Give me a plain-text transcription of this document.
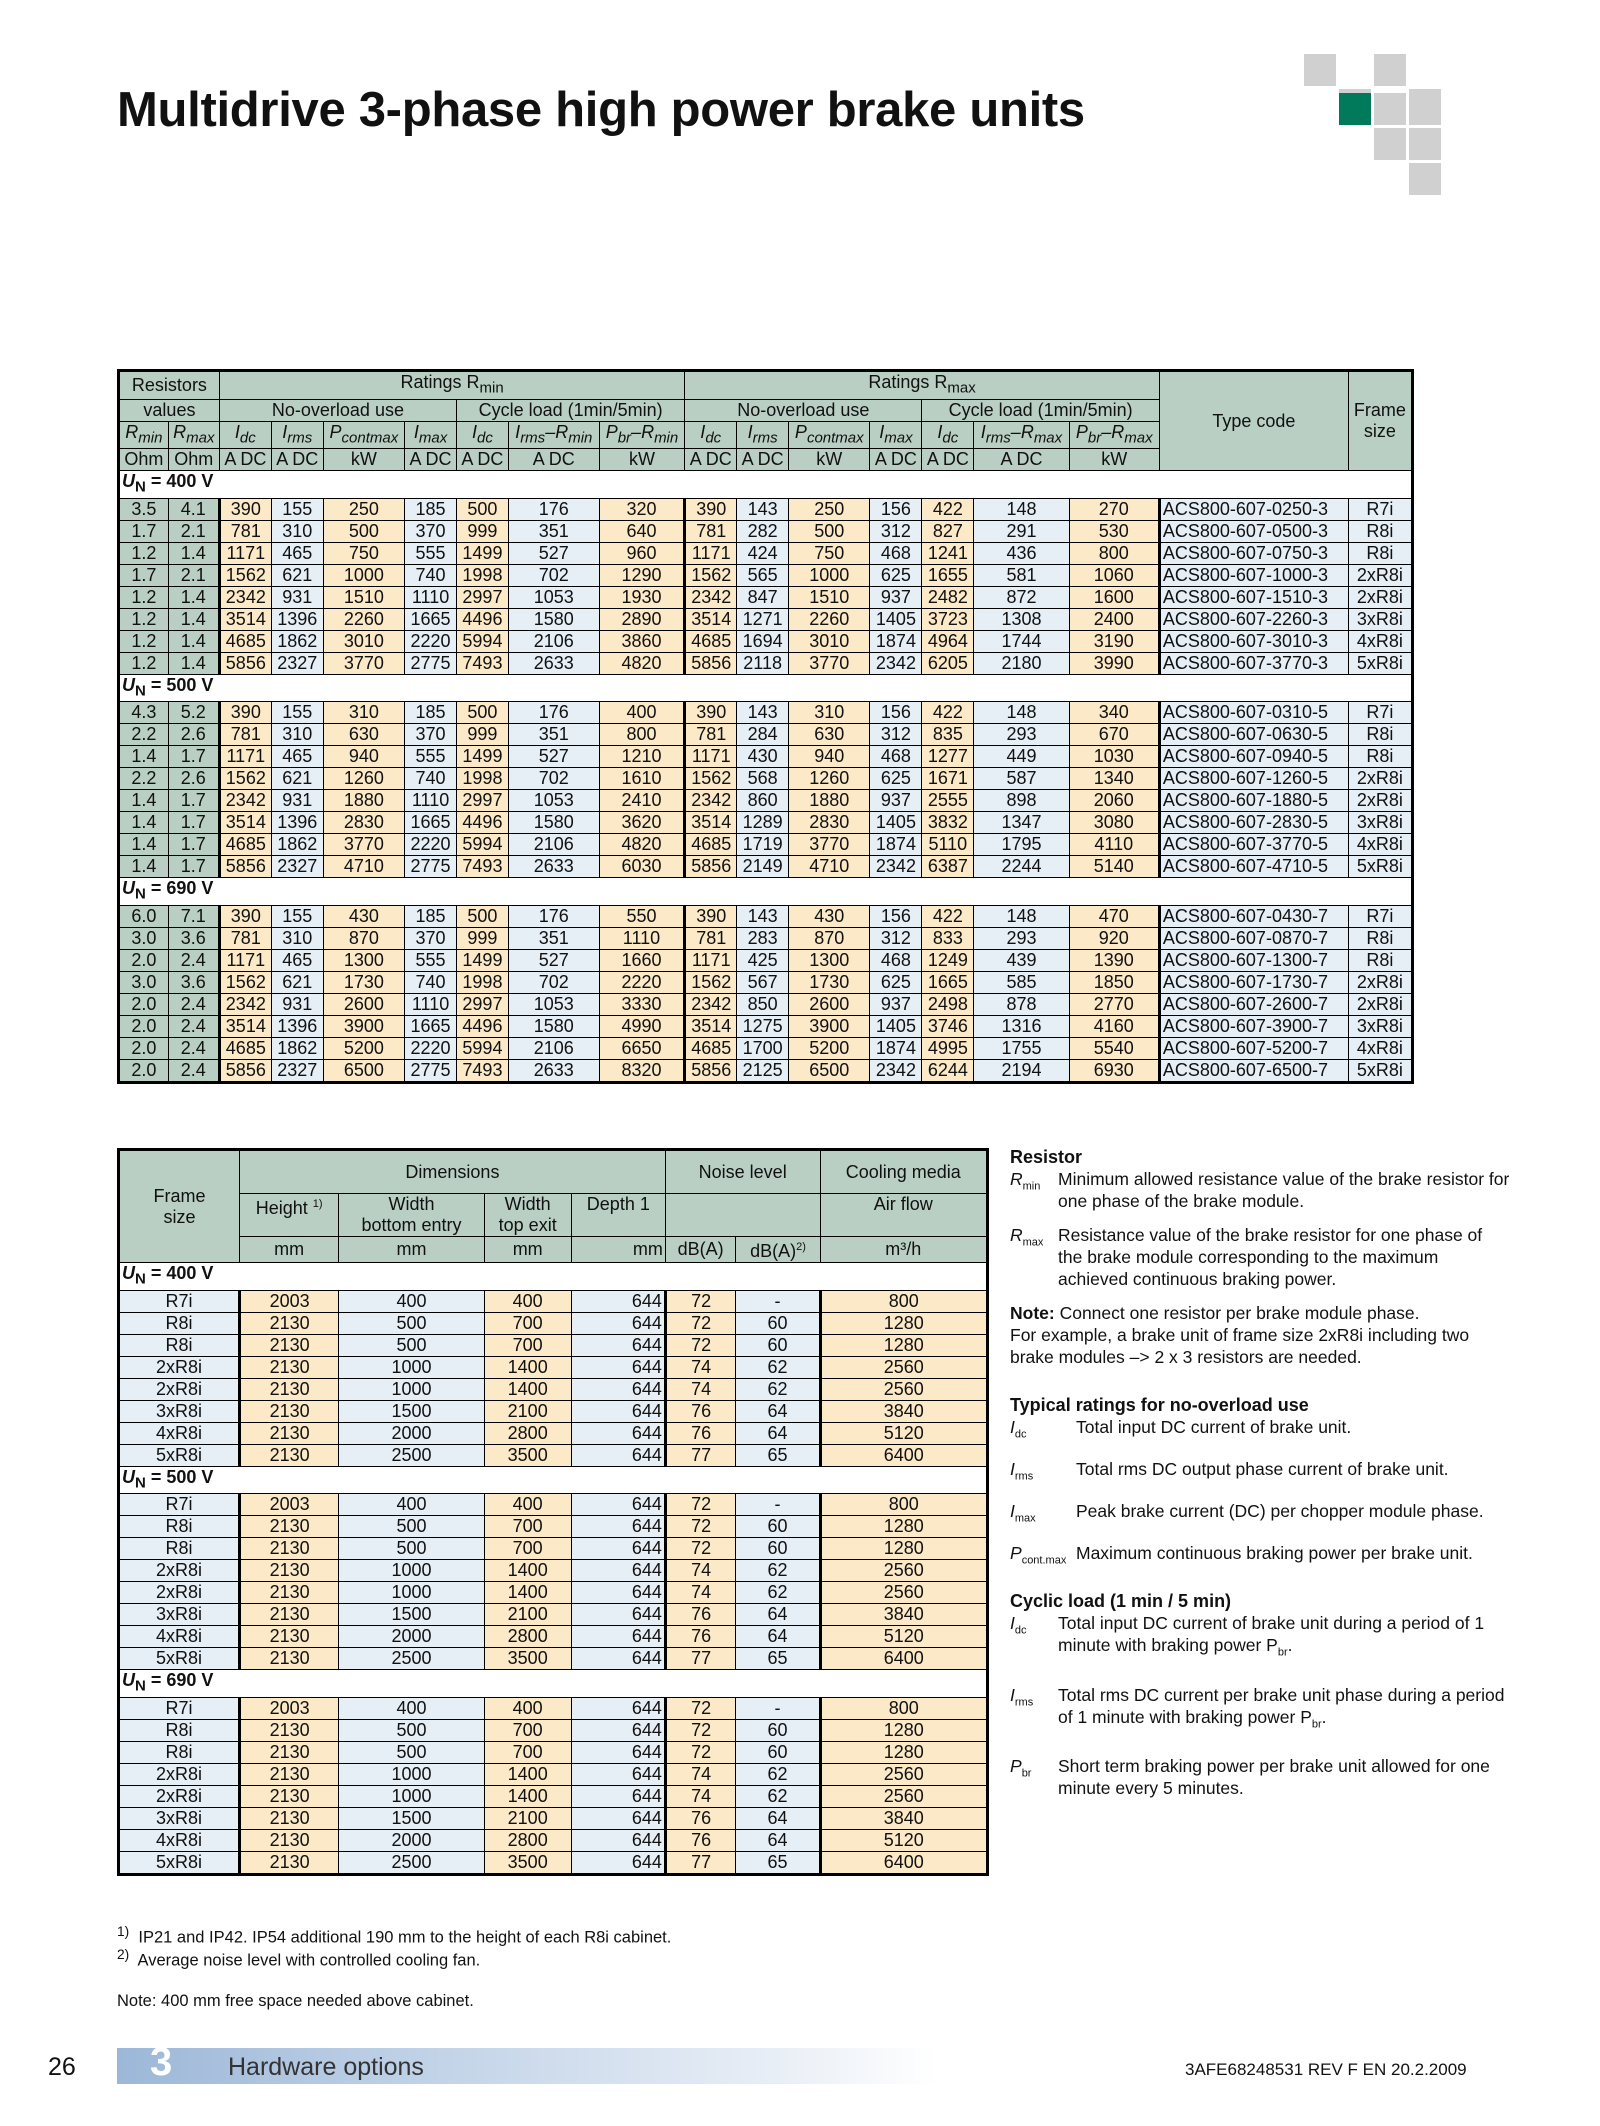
Multidrive 3-phase high power brake units
Resistors		Ratings $R_{min}$							Ratings $R_{max}$							Type code	Frame
size
values		No-overload use				Cycle load (1min/5min)			No-overload use				Cycle load (1min/5min)				
$R_{min}$	$R_{max}$	$I_{dc}$	$I_{rms}$	$P_{contmax}$	$I_{max}$	$I_{dc}$	$I_{rms}-R_{min}$	$P_{br}-R_{min}$	$I_{dc}$	$I_{rms}$	$P_{contmax}$	$I_{max}$	$I_{dc}$	$I_{rms}-R_{max}$	$P_{br}-R_{max}$
Ohm	Ohm	A DC	A DC	kW	A DC	A DC	A DC	kW	A DC	A DC	kW	A DC	A DC	A DC	kW		
$U_N = 400$ V																	
3.5	4.1	390	155	250	185	500	176	320	390	143	250	156	422	148	270	ACS800-607-0250-3	R7i
1.7	2.1	781	310	500	370	999	351	640	781	282	500	312	827	291	530	ACS800-607-0500-3	R8i
1.2	1.4	1171	465	750	555	1499	527	960	1171	424	750	468	1241	436	800	ACS800-607-0750-3	R8i
1.7	2.1	1562	621	1000	740	1998	702	1290	1562	565	1000	625	1655	581	1060	ACS800-607-1000-3	2xR8i
1.2	1.4	2342	931	1510	1110	2997	1053	1930	2342	847	1510	937	2482	872	1600	ACS800-607-1510-3	2xR8i
1.2	1.4	3514	1396	2260	1665	4496	1580	2890	3514	1271	2260	1405	3723	1308	2400	ACS800-607-2260-3	3xR8i
1.2	1.4	4685	1862	3010	2220	5994	2106	3860	4685	1694	3010	1874	4964	1744	3190	ACS800-607-3010-3	4xR8i
1.2	1.4	5856	2327	3770	2775	7493	2633	4820	5856	2118	3770	2342	6205	2180	3990	ACS800-607-3770-3	5xR8i
$U_N = 500$ V																	
4.3	5.2	390	155	310	185	500	176	400	390	143	310	156	422	148	340	ACS800-607-0310-5	R7i
2.2	2.6	781	310	630	370	999	351	800	781	284	630	312	835	293	670	ACS800-607-0630-5	R8i
1.4	1.7	1171	465	940	555	1499	527	1210	1171	430	940	468	1277	449	1030	ACS800-607-0940-5	R8i
2.2	2.6	1562	621	1260	740	1998	702	1610	1562	568	1260	625	1671	587	1340	ACS800-607-1260-5	2xR8i
1.4	1.7	2342	931	1880	1110	2997	1053	2410	2342	860	1880	937	2555	898	2060	ACS800-607-1880-5	2xR8i
1.4	1.7	3514	1396	2830	1665	4496	1580	3620	3514	1289	2830	1405	3832	1347	3080	ACS800-607-2830-5	3xR8i
1.4	1.7	4685	1862	3770	2220	5994	2106	4820	4685	1719	3770	1874	5110	1795	4110	ACS800-607-3770-5	4xR8i
1.4	1.7	5856	2327	4710	2775	7493	2633	6030	5856	2149	4710	2342	6387	2244	5140	ACS800-607-4710-5	5xR8i
$U_N = 690$ V																	
6.0	7.1	390	155	430	185	500	176	550	390	143	430	156	422	148	470	ACS800-607-0430-7	R7i
3.0	3.6	781	310	870	370	999	351	1110	781	283	870	312	833	293	920	ACS800-607-0870-7	R8i
2.0	2.4	1171	465	1300	555	1499	527	1660	1171	425	1300	468	1249	439	1390	ACS800-607-1300-7	R8i
3.0	3.6	1562	621	1730	740	1998	702	2220	1562	567	1730	625	1665	585	1850	ACS800-607-1730-7	2xR8i
2.0	2.4	2342	931	2600	1110	2997	1053	3330	2342	850	2600	937	2498	878	2770	ACS800-607-2600-7	2xR8i
2.0	2.4	3514	1396	3900	1665	4496	1580	4990	3514	1275	3900	1405	3746	1316	4160	ACS800-607-3900-7	3xR8i
2.0	2.4	4685	1862	5200	2220	5994	2106	6650	4685	1700	5200	1874	4995	1755	5540	ACS800-607-5200-7	4xR8i
2.0	2.4	5856	2327	6500	2775	7493	2633	8320	5856	2125	6500	2342	6244	2194	6930	ACS800-607-6500-7	5xR8i
Frame
size	Dimensions				Noise level		Cooling media
	Height $^{1)}$	Width
bottom entry	Width
top exit	Depth 1			Air flow
	mm	mm	mm	mm	dB(A)	$dB(A)^{2)}$	m³/h
$U_N = 400$ V							
R7i	2003	400	400	644	72	-	800
R8i	2130	500	700	644	72	60	1280
R8i	2130	500	700	644	72	60	1280
2xR8i	2130	1000	1400	644	74	62	2560
2xR8i	2130	1000	1400	644	74	62	2560
3xR8i	2130	1500	2100	644	76	64	3840
4xR8i	2130	2000	2800	644	76	64	5120
5xR8i	2130	2500	3500	644	77	65	6400
$U_N = 500$ V							
R7i	2003	400	400	644	72	-	800
R8i	2130	500	700	644	72	60	1280
R8i	2130	500	700	644	72	60	1280
2xR8i	2130	1000	1400	644	74	62	2560
2xR8i	2130	1000	1400	644	74	62	2560
3xR8i	2130	1500	2100	644	76	64	3840
4xR8i	2130	2000	2800	644	76	64	5120
5xR8i	2130	2500	3500	644	77	65	6400
$U_N = 690$ V							
R7i	2003	400	400	644	72	-	800
R8i	2130	500	700	644	72	60	1280
R8i	2130	500	700	644	72	60	1280
2xR8i	2130	1000	1400	644	74	62	2560
2xR8i	2130	1000	1400	644	74	62	2560
3xR8i	2130	1500	2100	644	76	64	3840
4xR8i	2130	2000	2800	644	76	64	5120
5xR8i	2130	2500	3500	644	77	65	6400
Resistor
$R_{min}$ Minimum allowed resistance value of the brake resistor for one phase of the brake module.
$R_{max}$ Resistance value of the brake resistor for one phase of the brake module corresponding to the maximum achieved continuous braking power.
Note: Connect one resistor per brake module phase.
For example, a brake unit of frame size 2xR8i including two brake modules –> 2 x 3 resistors are needed.
Typical ratings for no-overload use
$I_{dc}$	Total input DC current of brake unit.
$I_{rms}$ Total rms DC output phase current of brake unit.
$I_{max}$ Peak brake current (DC) per chopper module phase.
$P_{cont.max}$ Maximum continuous braking power per brake unit.
Cyclic load (1 min / 5 min)
$I_{dc}$ Total input DC current of brake unit during a period of 1 minute with braking power $P_{br}$.
$I_{rms}$ Total rms DC current per brake unit phase during a period of 1 minute with braking power $P_{br}$.
$P_{br}$ Short term braking power per brake unit allowed for one minute every 5 minutes.
$^{1)}$ IP21 and IP42. IP54 additional 190 mm to the height of each R8i cabinet.
$^{2)}$ Average noise level with controlled cooling fan.
Note: 400 mm free space needed above cabinet.
26 3 Hardware options	3AFE68248531 REV F EN 20.2.2009
